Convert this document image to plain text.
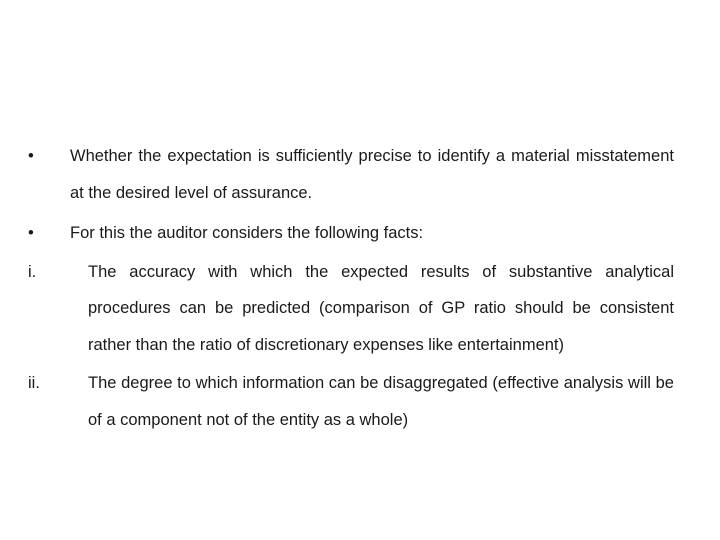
•	Whether the expectation is sufficiently precise to identify a material misstatement at the desired level of assurance.
•	For this the auditor considers the following facts:
i.	The accuracy with which the expected results of substantive analytical procedures can be predicted (comparison of GP ratio should be consistent rather than the ratio of discretionary expenses like entertainment)
ii.	The degree to which information can be disaggregated (effective analysis will be of a component not of the entity as a whole)
